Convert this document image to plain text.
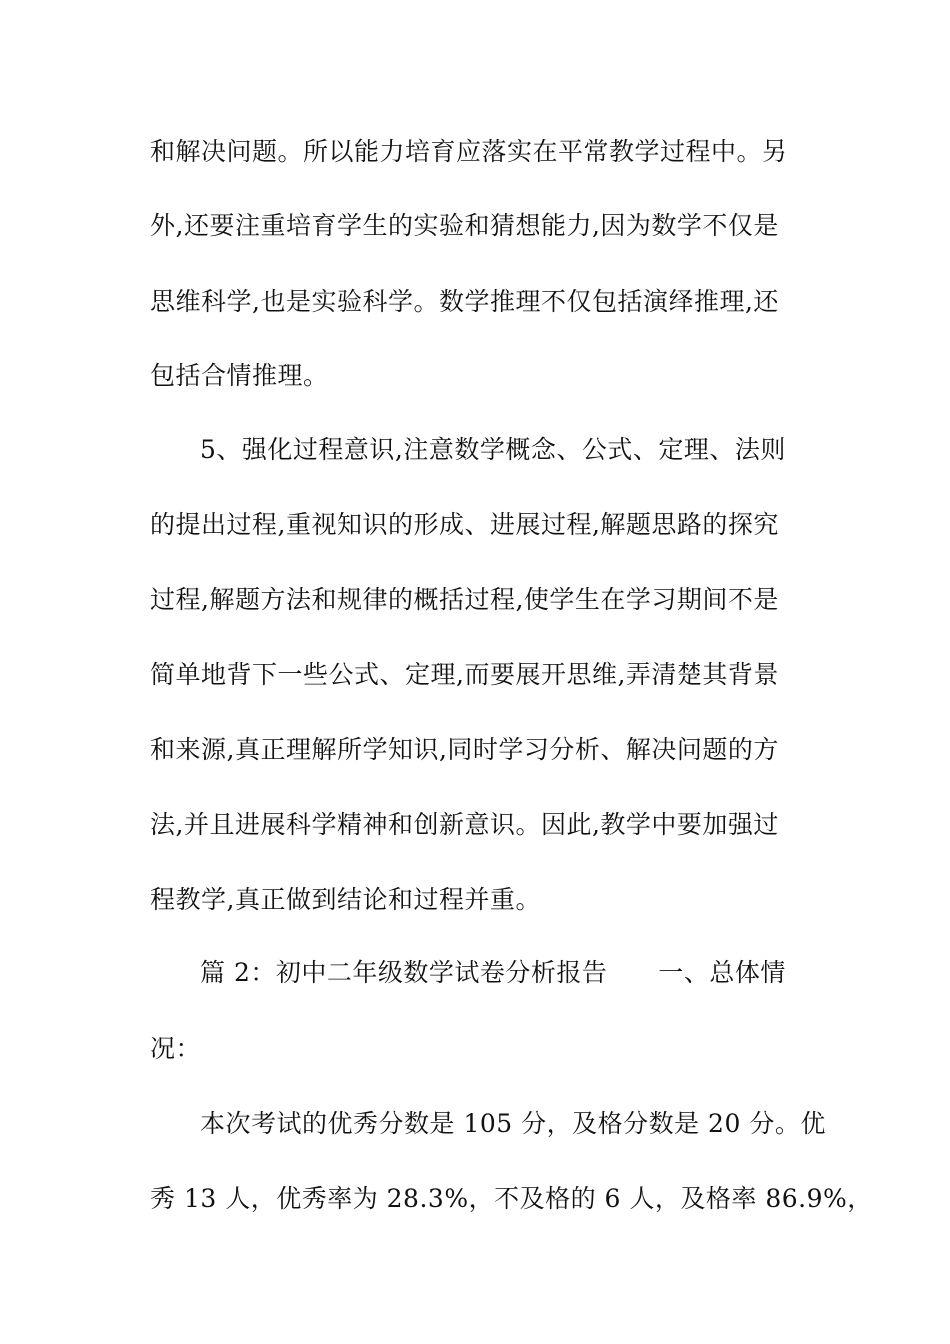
和解决问题。所以能力培育应落实在平常教学过程中。另
外,还要注重培育学生的实验和猜想能力,因为数学不仅是
思维科学,也是实验科学。数学推理不仅包括演绎推理,还
包括合情推理。
5、强化过程意识,注意数学概念、公式、定理、法则
的提出过程,重视知识的形成、进展过程,解题思路的探究
过程,解题方法和规律的概括过程,使学生在学习期间不是
简单地背下一些公式、定理,而要展开思维,弄清楚其背景
和来源,真正理解所学知识,同时学习分析、解决问题的方
法,并且进展科学精神和创新意识。因此,教学中要加强过
程教学,真正做到结论和过程并重。
篇 2：初中二年级数学试卷分析报告　　一、总体情
况：
本次考试的优秀分数是 105 分，及格分数是 20 分。优
秀 13 人，优秀率为 28.3%，不及格的 6 人，及格率 86.9%，
